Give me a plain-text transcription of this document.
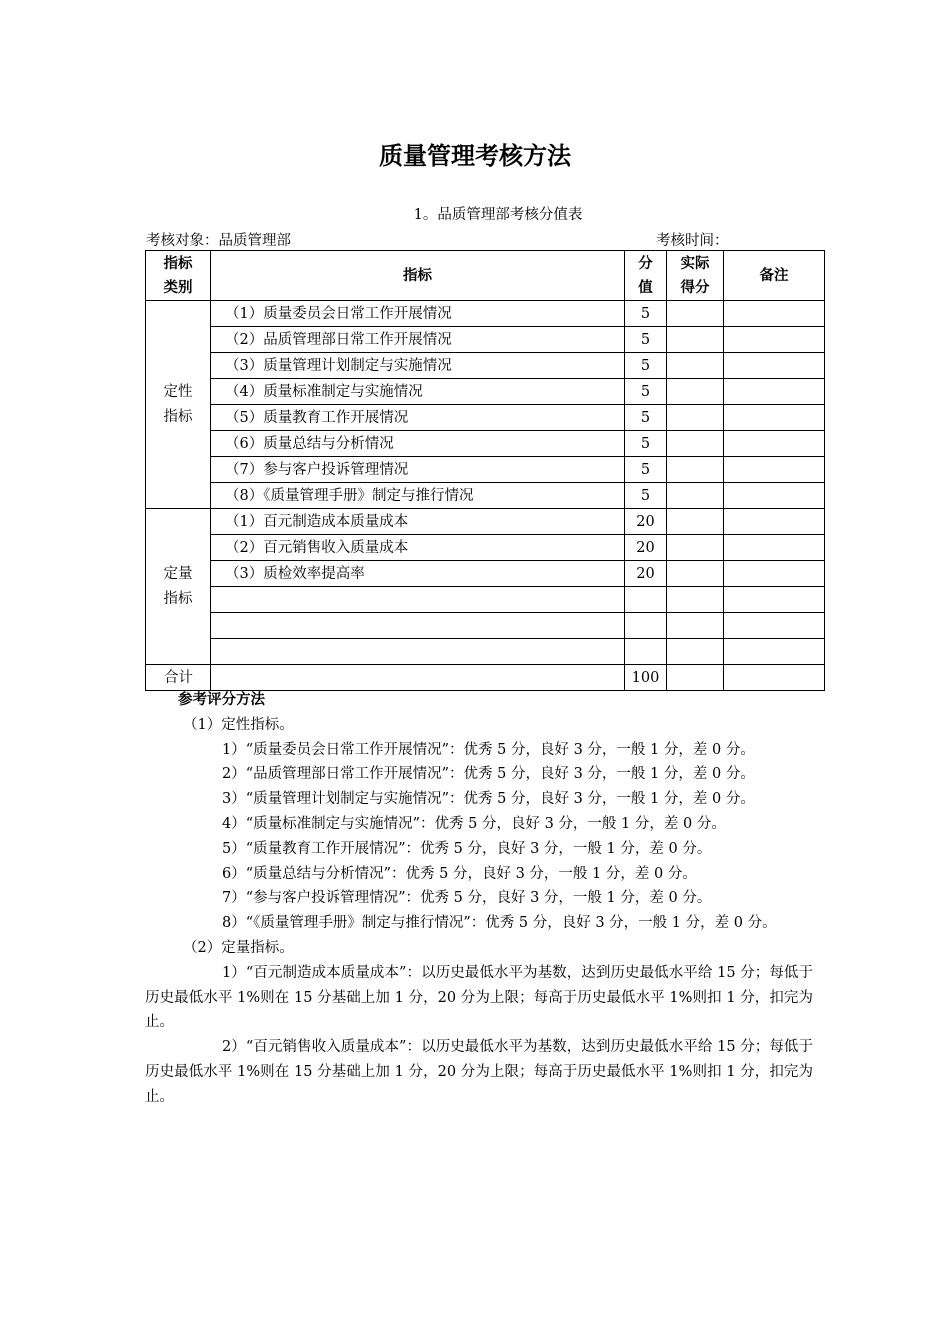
质量管理考核方法
1。品质管理部考核分值表
考核对象：品质管理部	考核时间：
指标类别	指标	分值	实际得分	备注
定性指标	（1）质量委员会日常工作开展情况	5		
	（2）品质管理部日常工作开展情况	5		
	（3）质量管理计划制定与实施情况	5		
	（4）质量标准制定与实施情况	5		
	（5）质量教育工作开展情况	5		
	（6）质量总结与分析情况	5		
	（7）参与客户投诉管理情况	5		
	（8）《质量管理手册》制定与推行情况	5		
定量指标	（1）百元制造成本质量成本	20		
	（2）百元销售收入质量成本	20		
	（3）质检效率提高率	20		

合计		100		

参考评分方法

（1）定性指标。

1）“质量委员会日常工作开展情况”：优秀 5 分，良好 3 分，一般 1 分，差 0 分。

2）“品质管理部日常工作开展情况”：优秀 5 分，良好 3 分，一般 1 分，差 0 分。

3）“质量管理计划制定与实施情况”：优秀 5 分，良好 3 分，一般 1 分，差 0 分。

4）“质量标准制定与实施情况”：优秀 5 分，良好 3 分，一般 1 分，差 0 分。

5）“质量教育工作开展情况”：优秀 5 分，良好 3 分，一般 1 分，差 0 分。

6）“质量总结与分析情况”：优秀 5 分，良好 3 分，一般 1 分，差 0 分。

7）“参与客户投诉管理情况”：优秀 5 分，良好 3 分，一般 1 分，差 0 分。

8）“《质量管理手册》制定与推行情况”：优秀 5 分，良好 3 分，一般 1 分，差 0 分。

（2）定量指标。

1）“百元制造成本质量成本”：以历史最低水平为基数，达到历史最低水平给 15 分；每低于历史最低水平 1%则在 15 分基础上加 1 分，20 分为上限；每高于历史最低水平 1%则扣 1 分，扣完为止。

2）“百元销售收入质量成本”：以历史最低水平为基数，达到历史最低水平给 15 分；每低于历史最低水平 1%则在 15 分基础上加 1 分，20 分为上限；每高于历史最低水平 1%则扣 1 分，扣完为止。
